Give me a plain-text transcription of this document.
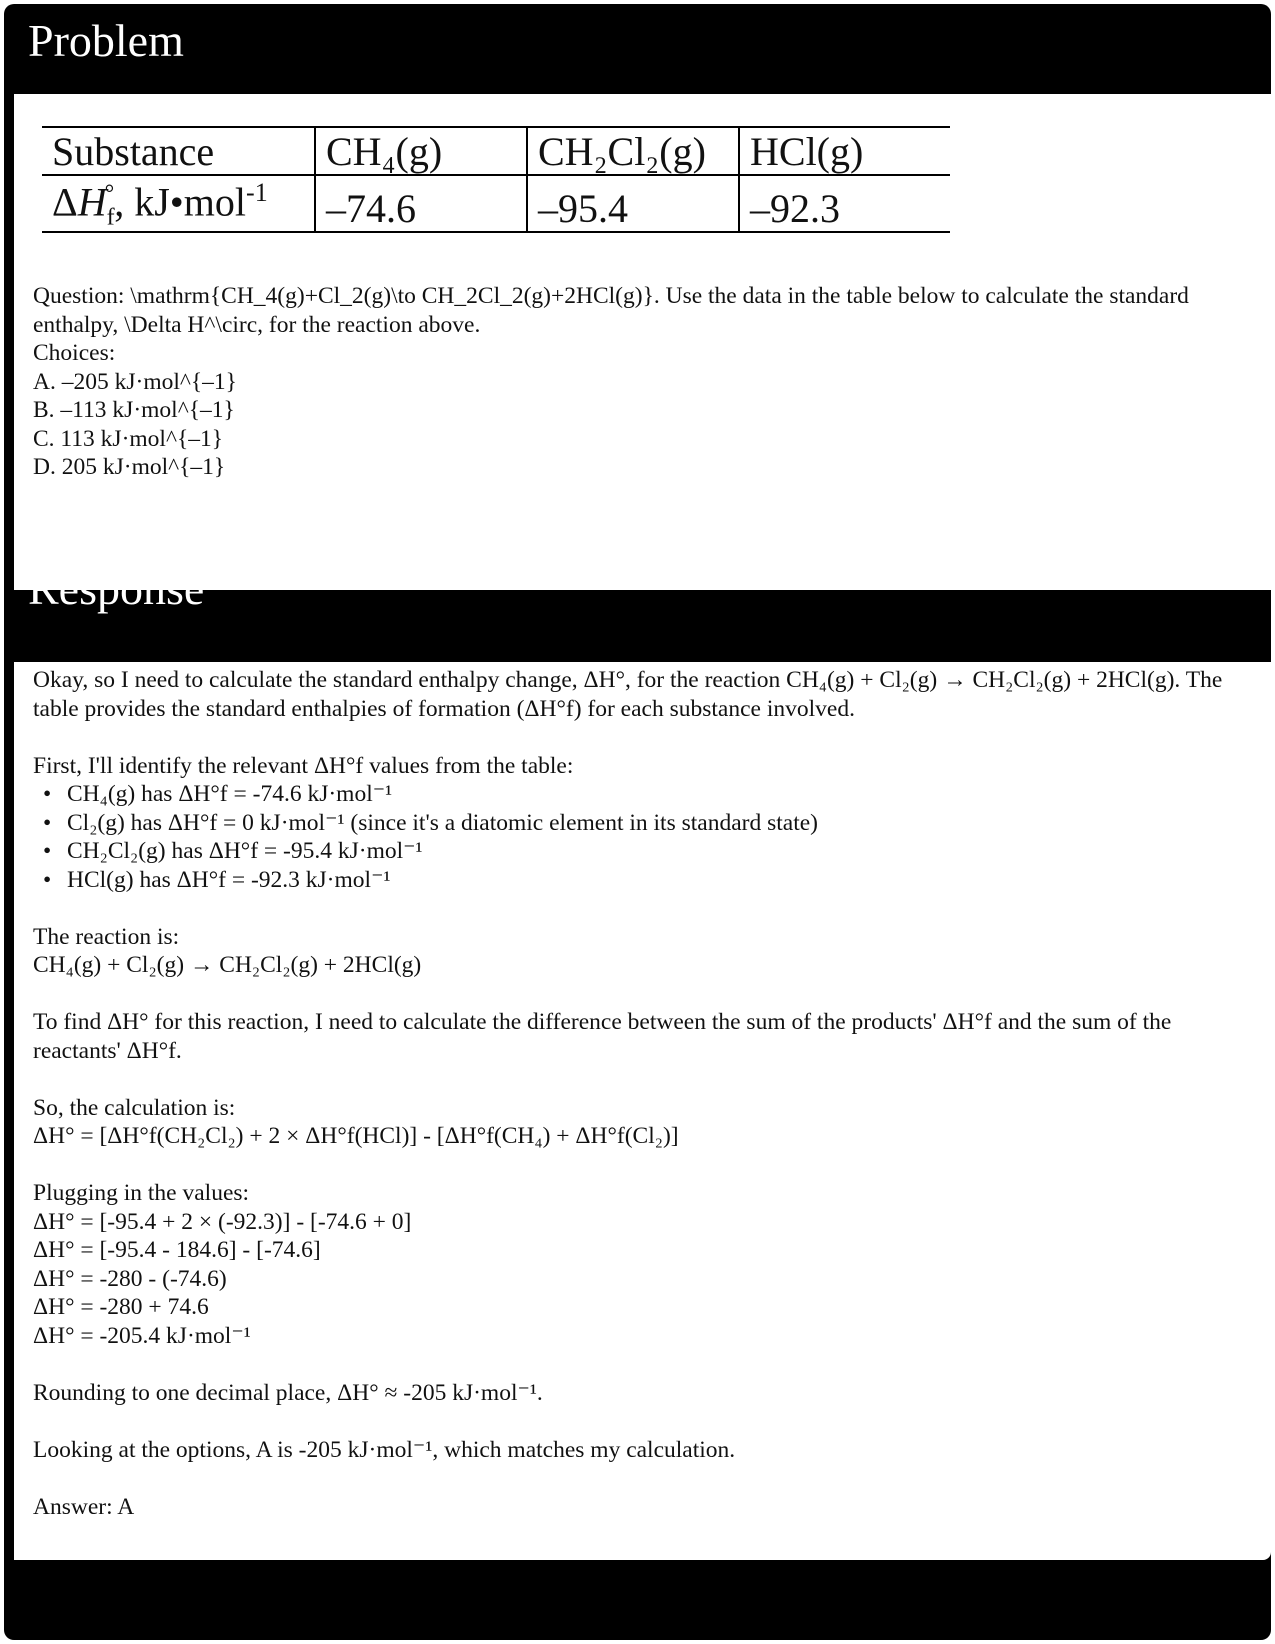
Problem
Substance	CH₄(g)	CH₂Cl₂(g)	HCl(g)
$\Delta H_f^\circ$, kJ•mol$^{-1}$	–74.6	–95.4	–92.3
Question: \mathrm{CH_4(g)+Cl_2(g)\to CH_2Cl_2(g)+2HCl(g)}. Use the data in the table below to calculate the standard enthalpy, \Delta H^\circ, for the reaction above.
Choices:
A. –205 kJ·mol^{–1}
B. –113 kJ·mol^{–1}
C. 113 kJ·mol^{–1}
D. 205 kJ·mol^{–1}
Response
Okay, so I need to calculate the standard enthalpy change, ΔH°, for the reaction CH₄(g) + Cl₂(g) → CH₂Cl₂(g) + 2HCl(g). The table provides the standard enthalpies of formation (ΔH°f) for each substance involved.
First, I'll identify the relevant ΔH°f values from the table:
• CH₄(g) has ΔH°f = -74.6 kJ·mol⁻¹
• Cl₂(g) has ΔH°f = 0 kJ·mol⁻¹ (since it's a diatomic element in its standard state)
• CH₂Cl₂(g) has ΔH°f = -95.4 kJ·mol⁻¹
• HCl(g) has ΔH°f = -92.3 kJ·mol⁻¹
The reaction is:
CH₄(g) + Cl₂(g) → CH₂Cl₂(g) + 2HCl(g)
To find ΔH° for this reaction, I need to calculate the difference between the sum of the products' ΔH°f and the sum of the reactants' ΔH°f.
So, the calculation is:
ΔH° = [ΔH°f(CH₂Cl₂) + 2 × ΔH°f(HCl)] - [ΔH°f(CH₄) + ΔH°f(Cl₂)]
Plugging in the values:
ΔH° = [-95.4 + 2 × (-92.3)] - [-74.6 + 0]
ΔH° = [-95.4 - 184.6] - [-74.6]
ΔH° = -280 - (-74.6)
ΔH° = -280 + 74.6
ΔH° = -205.4 kJ·mol⁻¹
Rounding to one decimal place, ΔH° ≈ -205 kJ·mol⁻¹.
Looking at the options, A is -205 kJ·mol⁻¹, which matches my calculation.
Answer: A
